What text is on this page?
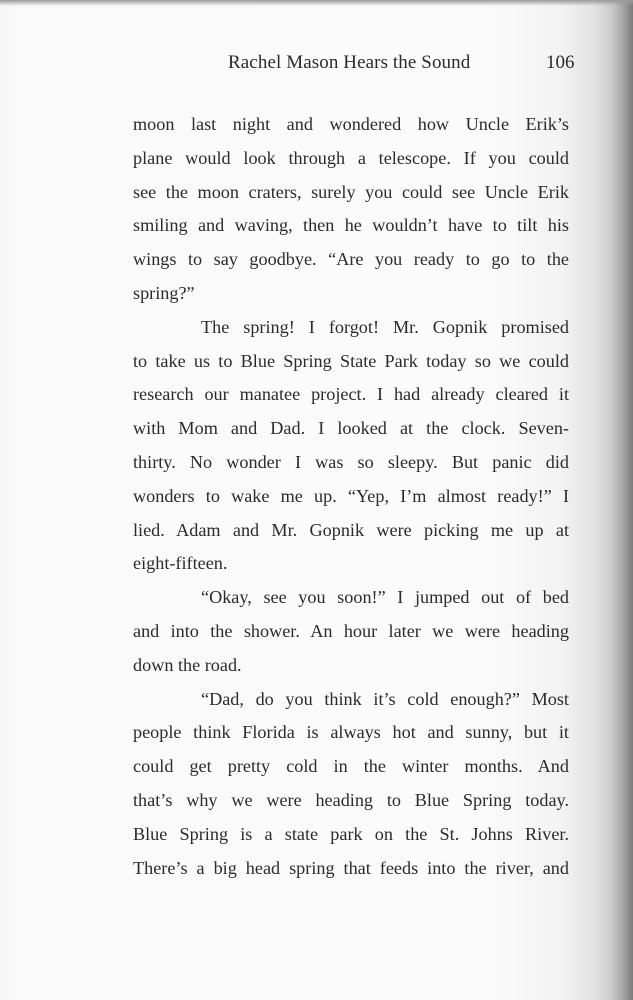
Rachel Mason Hears the Sound	106
moon last night and wondered how Uncle Erik’s
plane would look through a telescope. If you could
see the moon craters, surely you could see Uncle Erik
smiling and waving, then he wouldn’t have to tilt his
wings to say goodbye. “Are you ready to go to the
spring?”
The spring! I forgot! Mr. Gopnik promised
to take us to Blue Spring State Park today so we could
research our manatee project. I had already cleared it
with Mom and Dad. I looked at the clock. Seven-
thirty. No wonder I was so sleepy. But panic did
wonders to wake me up. “Yep, I’m almost ready!” I
lied. Adam and Mr. Gopnik were picking me up at
eight-fifteen.
“Okay, see you soon!” I jumped out of bed
and into the shower. An hour later we were heading
down the road.
“Dad, do you think it’s cold enough?” Most
people think Florida is always hot and sunny, but it
could get pretty cold in the winter months. And
that’s why we were heading to Blue Spring today.
Blue Spring is a state park on the St. Johns River.
There’s a big head spring that feeds into the river, and
